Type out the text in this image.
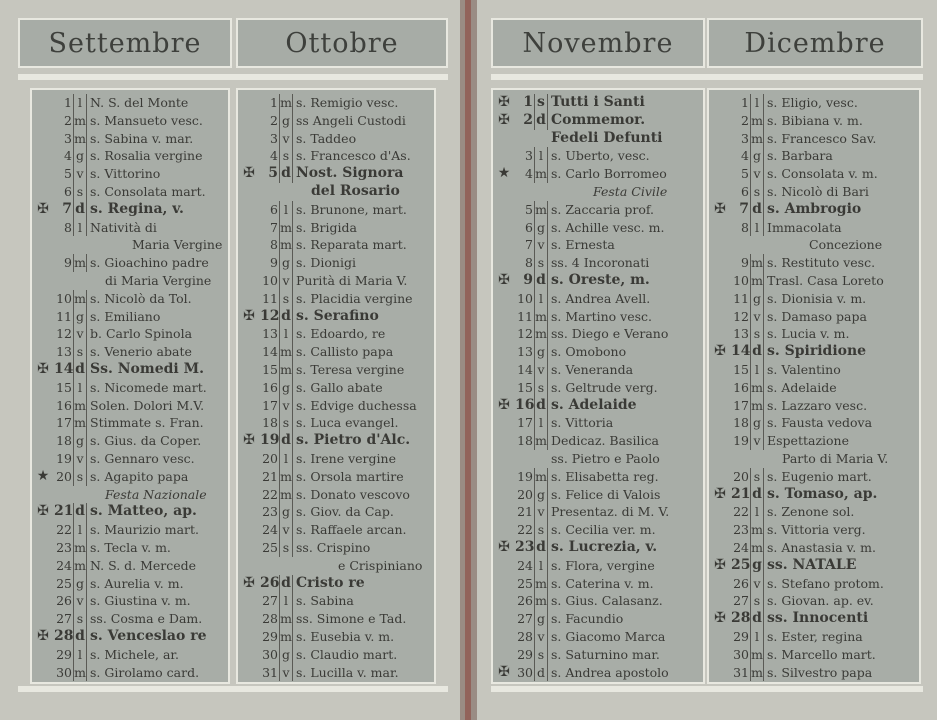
Settembre	Ottobre
1 l N. S. del Monte
2 m s. Mansueto vesc.
3 m s. Sabina v. mar.
4 g s. Rosalia vergine
5 v s. Vittorino
6 s s. Consolata mart.
✠ 7 d s. Regina, v.
8 l Natività di
Maria Vergine
9 m s. Gioachino padre
di Maria Vergine
10 m s. Nicolò da Tol.
11 g s. Emiliano
12 v b. Carlo Spinola
13 s s. Venerio abate
✠ 14 d Ss. Nomedi M.
15 l s. Nicomede mart.
16 m Solen. Dolori M.V.
17 m Stimmate s. Fran.
18 g s. Gius. da Coper.
19 v s. Gennaro vesc.
★ 20 s s. Agapito papa
Festa Nazionale
✠ 21 d s. Matteo, ap.
22 l s. Maurizio mart.
23 m s. Tecla v. m.
24 m N. S. d. Mercede
25 g s. Aurelia v. m.
26 v s. Giustina v. m.
27 s ss. Cosma e Dam.
✠ 28 d s. Venceslao re
29 l s. Michele, ar.
30 m s. Girolamo card.
1 m s. Remigio vesc.
2 g ss Angeli Custodi
3 v s. Taddeo
4 s s. Francesco d'As.
✠ 5 d Nost. Signora
del Rosario
6 l s. Brunone, mart.
7 m s. Brigida
8 m s. Reparata mart.
9 g s. Dionigi
10 v Purità di Maria V.
11 s s. Placidia vergine
✠ 12 d s. Serafino
13 l s. Edoardo, re
14 m s. Callisto papa
15 m s. Teresa vergine
16 g s. Gallo abate
17 v s. Edvige duchessa
18 s s. Luca evangel.
✠ 19 d s. Pietro d'Alc.
20 l s. Irene vergine
21 m s. Orsola martire
22 m s. Donato vescovo
23 g s. Giov. da Cap.
24 v s. Raffaele arcan.
25 s ss. Crispino
e Crispiniano
✠ 26 d Cristo re
27 l s. Sabina
28 m ss. Simone e Tad.
29 m s. Eusebia v. m.
30 g s. Claudio mart.
31 v s. Lucilla v. mar.
Novembre	Dicembre
✠ 1 s Tutti i Santi
✠ 2 d Commemor.
Fedeli Defunti
3 l s. Uberto, vesc.
★	4 m s. Carlo Borromeo
Festa Civile
5 m s. Zaccaria prof.
6 g s. Achille vesc. m.
7 v s. Ernesta
8 s ss. 4 Incoronati
✠ 9 d s. Oreste, m.
10 l s. Andrea Avell.
11 m s. Martino vesc.
12 m ss. Diego e Verano
13 g s. Omobono
14 v s. Veneranda
15 s s. Geltrude verg.
✠ 16 d s. Adelaide
17 l s. Vittoria
18 m Dedicaz. Basilica
ss. Pietro e Paolo
19 m s. Elisabetta reg.
20 g s. Felice di Valois
21 v Presentaz. di M. V.
22 s s. Cecilia ver. m.
✠ 23 d s. Lucrezia, v.
24 l s. Flora, vergine
25 m s. Caterina v. m.
26 m s. Gius. Calasanz.
27 g s. Facundio
28 v s. Giacomo Marca
29 s s. Saturnino mar.
✠ 30 d s. Andrea apostolo
1 l s. Eligio, vesc.
2 m s. Bibiana v. m.
3 m s. Francesco Sav.
4 g s. Barbara
5 v s. Consolata v. m.
6 s s. Nicolò di Bari
✠ 7 d s. Ambrogio
8 l Immacolata
Concezione
9 m s. Restituto vesc.
10 m Trasl. Casa Loreto
11 g s. Dionisia v. m.
12 v s. Damaso papa
13 s s. Lucia v. m.
✠ 14 d s. Spiridione
15 l s. Valentino
16 m s. Adelaide
17 m s. Lazzaro vesc.
18 g s. Fausta vedova
19 v Espettazione
Parto di Maria V.
20 s s. Eugenio mart.
✠ 21 d s. Tomaso, ap.
22 l s. Zenone sol.
23 m s. Vittoria verg.
24 m s. Anastasia v. m.
✠ 25 g ss. NATALE
26 v s. Stefano protom.
27 s s. Giovan. ap. ev.
✠ 28 d ss. Innocenti
29 l s. Ester, regina
30 m s. Marcello mart.
31 m s. Silvestro papa
